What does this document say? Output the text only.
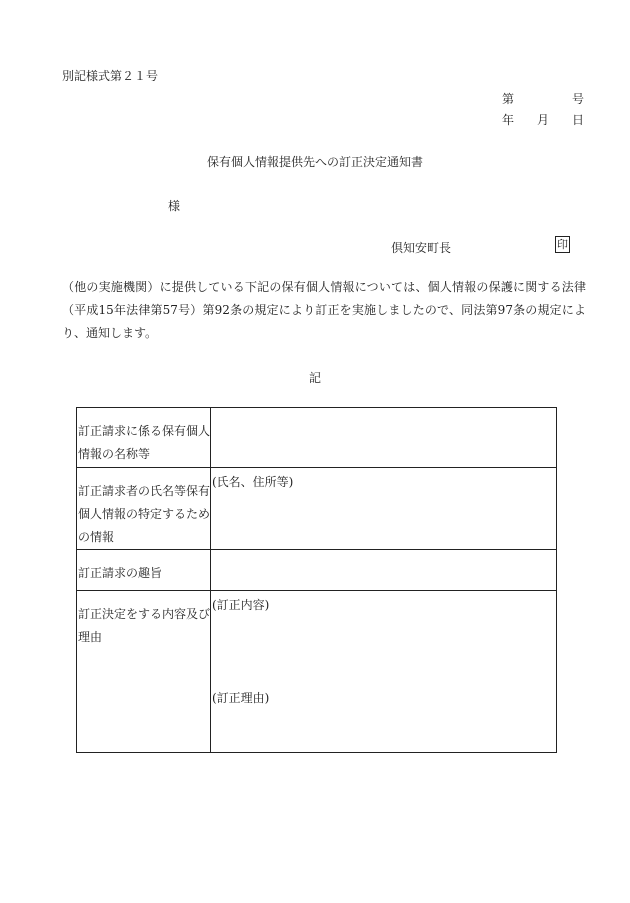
別記様式第２１号
第	号
年 月 日
保有個人情報提供先への訂正決定通知書
様
倶知安町長	印

（他の実施機関）に提供している下記の保有個人情報については、個人情報の保護に関する法律（平成15年法律第57号）第92条の規定により訂正を実施しましたので、同法第97条の規定により、通知します。

記
訂正請求に係る保有個人情報の名称等	
訂正請求者の氏名等保有個人情報の特定するための情報	(氏名、住所等)
訂正請求の趣旨	
訂正決定をする内容及び理由	(訂正内容)
(訂正理由)
